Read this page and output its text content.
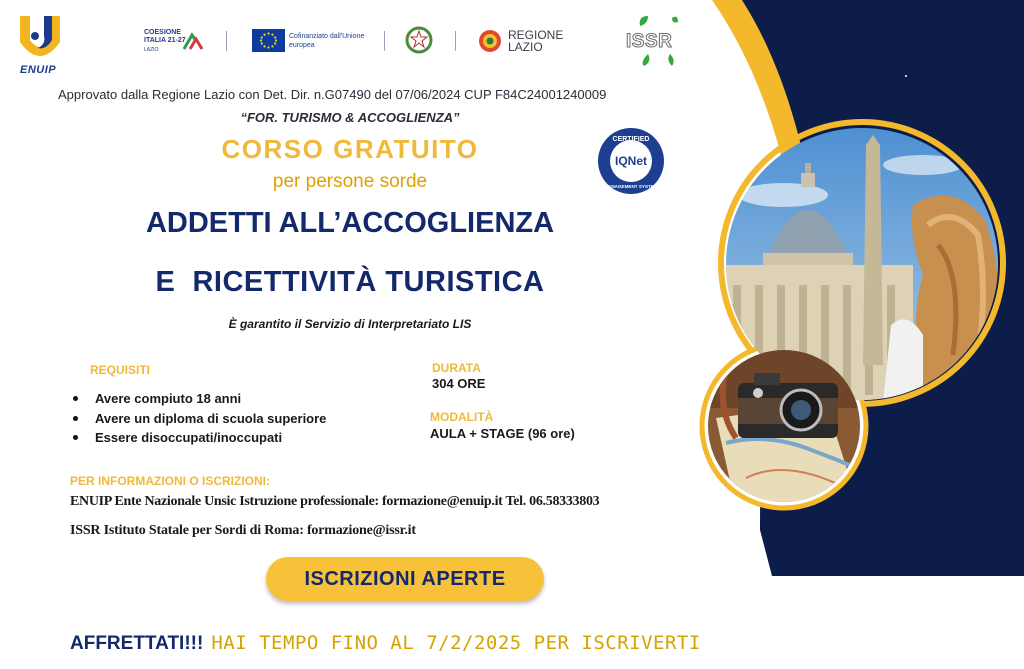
ENUIP
COESIONE
ITALIA 21-27
LAZIO
Cofinanziato dall'Unione europea
REGIONE
LAZIO	ISSR
Approvato dalla Regione Lazio con Det. Dir. n.G07490 del 07/06/2024 CUP F84C24001240009
“FOR. TURISMO & ACCOGLIENZA”
CORSO GRATUITO
per persone sorde
CERTIFIED
IQNet
MANAGEMENT SYSTEM
ADDETTI ALL’ACCOGLIENZA
E  RICETTIVITÀ TURISTICA
È garantito il Servizio di Interpretariato LIS
REQUISITI
Avere compiuto 18 anni
Avere un diploma di scuola superiore
Essere disoccupati/inoccupati
DURATA
304 ORE
MODALITÀ
AULA + STAGE (96 ore)
PER INFORMAZIONI O ISCRIZIONI:
ENUIP Ente Nazionale Unsic Istruzione professionale: formazione@enuip.it Tel. 06.58333803
ISSR Istituto Statale per Sordi di Roma: formazione@issr.it
ISCRIZIONI APERTE
AFFRETTATI!!! HAI TEMPO FINO AL 7/2/2025 PER ISCRIVERTI
